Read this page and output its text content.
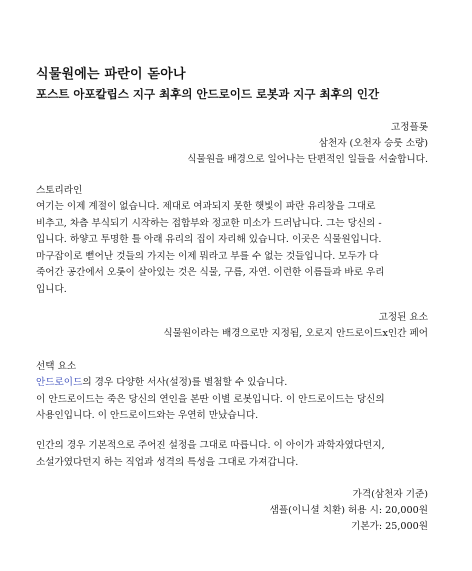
식물원에는 파란이 돋아나
포스트 아포칼립스 지구 최후의 안드로이드 로봇과 지구 최후의 인간
고정플롯
삼천자 (오천자 승룻 소량)
식물원을 배경으로 일어나는 단편적인 일들을 서술합니다.
스토리라인
여기는 이제 계절이 없습니다. 제대로 여과되지 못한 햇빛이 파란 유리창을 그대로
비추고, 차츰 부식되기 시작하는 접합부와 정교한 미소가 드러납니다. 그는 당신의 -
입니다. 하얗고 투명한 틀 아래 유리의 집이 자리해 있습니다. 이곳은 식물원입니다.
마구잡이로 뻗어난 것들의 가지는 이제 뭐라고 부를 수 없는 것들입니다. 모두가 다
죽어간 공간에서 오롯이 살아있는 것은 식물, 구름, 자연. 이런한 이름들과 바로 우리
입니다.
고정된 요소
식물원이라는 배경으로만 지정됨, 오로지 안드로이드x인간 페어
선택 요소
안드로이드의 경우 다양한 서사(설정)를 별첨할 수 있습니다.
이 안드로이드는 죽은 당신의 연인을 본딴 이별 로봇입니다. 이 안드로이드는 당신의
사용인입니다. 이 안드로이드와는 우연히 만났습니다.
인간의 경우 기본적으로 주어진 설정을 그대로 따릅니다. 이 아이가 과학자였다던지,
소설가였다던지 하는 직업과 성격의 특성을 그대로 가져갑니다.
가격(삼천자 기준)
샘플(이니셜 치환) 허용 시: 20,000원
기본가: 25,000원
